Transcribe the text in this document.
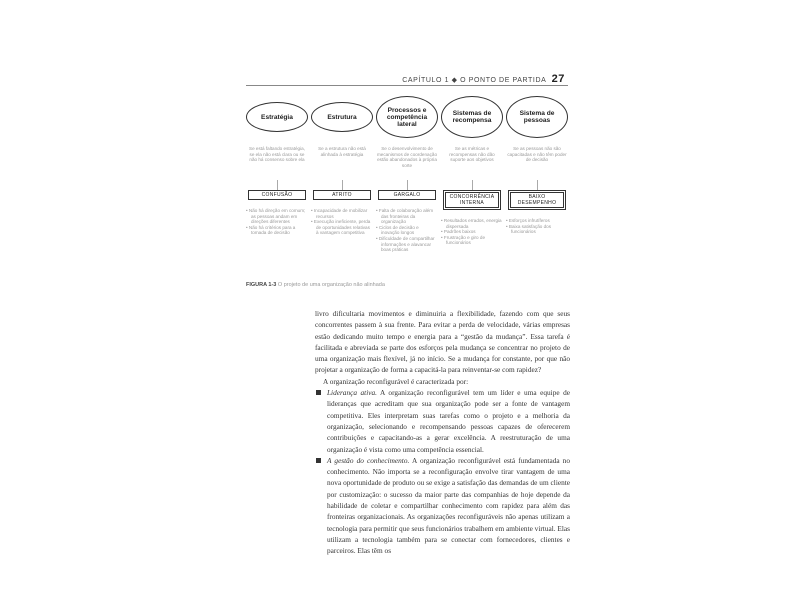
CAPÍTULO 1 ◆ O PONTO DE PARTIDA 27
Estratégia
Se está faltando estratégia, se ela não está clara ou se não há consenso sobre ela
CONFUSÃO
• Não há direção em comum; as pessoas andam em direções diferentes
• Não há critérios para a tomada de decisão
Estrutura
Se a estrutura não está alinhada à estratégia
ATRITO
• Incapacidade de mobilizar recursos
• Execução ineficiente, perda de oportunidades relativas à vantagem competitiva
Processos e competência lateral
Se o desenvolvimento de mecanismos de coordenação estão abandonados à própria sorte
GARGALO
• Falta de colaboração além das fronteiras da organização
• Ciclos de decisão e inovação longos
• Dificuldade de compartilhar informações e alavancar boas práticas
Sistemas de recompensa
Se as métricas e recompensas não dão suporte aos objetivos
CONCORRÊNCIA INTERNA
• Resultados errados, energia dispersada
• Padrões baixos
• Frustração e giro de funcionários
Sistema de pessoas
Se as pessoas não são capacitadas e não têm poder de decisão
BAIXO DESEMPENHO
• Esforços infrutíferos
• Baixa satisfação dos funcionários
FIGURA 1-3 O projeto de uma organização não alinhada

livro dificultaria movimentos e diminuiria a flexibilidade, fazendo com que seus concorrentes passem à sua frente. Para evitar a perda de velocidade, várias empresas estão dedicando muito tempo e energia para a “gestão da mudança”. Essa tarefa é facilitada e abreviada se parte dos esforços pela mudança se concentrar no projeto de uma organização mais flexível, já no início. Se a mudança for constante, por que não projetar a organização de forma a capacitá-la para reinventar-se com rapidez?

A organização reconfigurável é caracterizada por:

Liderança ativa. A organização reconfigurável tem um líder e uma equipe de lideranças que acreditam que sua organização pode ser a fonte de vantagem competitiva. Eles interpretam suas tarefas como o projeto e a melhoria da organização, selecionando e recompensando pessoas capazes de oferecerem contribuições e capacitando-as a gerar excelência. A reestruturação de uma organização é vista como uma competência essencial.

A gestão do conhecimento. A organização reconfigurável está fundamentada no conhecimento. Não importa se a reconfiguração envolve tirar vantagem de uma nova oportunidade de produto ou se exige a satisfação das demandas de um cliente por customização: o sucesso da maior parte das companhias de hoje depende da habilidade de coletar e compartilhar conhecimento com rapidez para além das fronteiras organizacionais. As organizações reconfiguráveis não apenas utilizam a tecnologia para permitir que seus funcionários trabalhem em ambiente virtual. Elas utilizam a tecnologia também para se conectar com fornecedores, clientes e parceiros. Elas têm os
